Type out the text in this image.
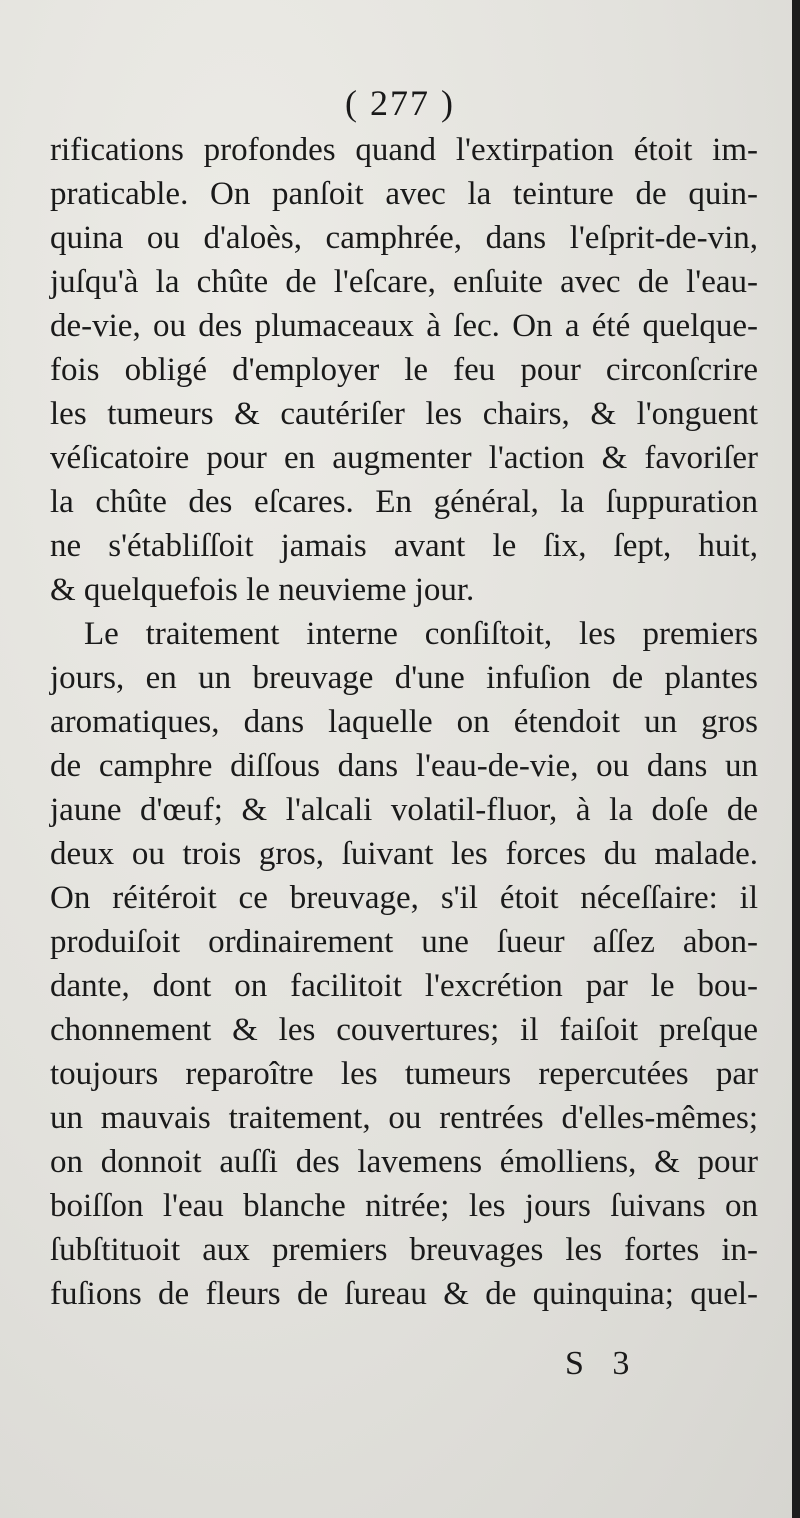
( 277 )
rifications profondes quand l'extirpation étoit im-
praticable. On panſoit avec la teinture de quin-
quina ou d'aloès, camphrée, dans l'eſprit-de-vin,
juſqu'à la chûte de l'eſcare, enſuite avec de l'eau-
de-vie, ou des plumaceaux à ſec. On a été quelque-
fois obligé d'employer le feu pour circonſcrire
les tumeurs & cautériſer les chairs, & l'onguent
véſicatoire pour en augmenter l'action & favoriſer
la chûte des eſcares. En général, la ſuppuration
ne s'établiſſoit jamais avant le ſix, ſept, huit,
& quelquefois le neuvieme jour.
Le traitement interne conſiſtoit, les premiers
jours, en un breuvage d'une infuſion de plantes
aromatiques, dans laquelle on étendoit un gros
de camphre diſſous dans l'eau-de-vie, ou dans un
jaune d'œuf; & l'alcali volatil-fluor, à la doſe de
deux ou trois gros, ſuivant les forces du malade.
On réitéroit ce breuvage, s'il étoit néceſſaire: il
produiſoit ordinairement une ſueur aſſez abon-
dante, dont on facilitoit l'excrétion par le bou-
chonnement & les couvertures; il faiſoit preſque
toujours reparoître les tumeurs repercutées par
un mauvais traitement, ou rentrées d'elles-mêmes;
on donnoit auſſi des lavemens émolliens, & pour
boiſſon l'eau blanche nitrée; les jours ſuivans on
ſubſtituoit aux premiers breuvages les fortes in-
fuſions de fleurs de ſureau & de quinquina; quel-
S 3
